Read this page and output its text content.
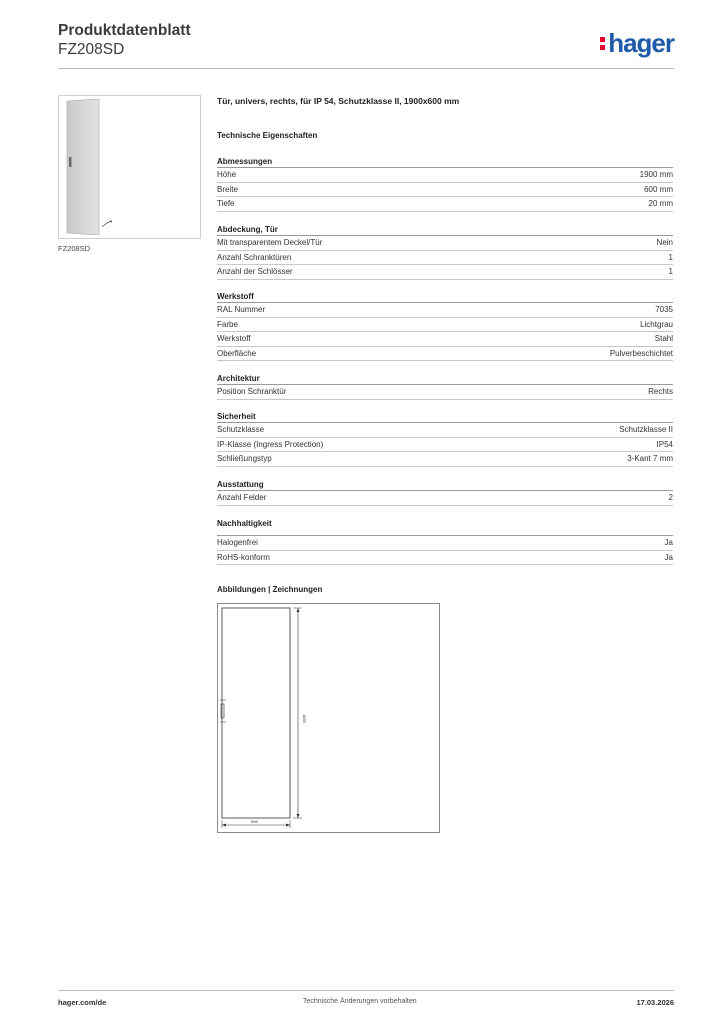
Produktdatenblatt
FZ208SD	hager
FZ208SD
Tür, univers, rechts, für IP 54, Schutzklasse II, 1900x600 mm
Technische Eigenschaften
Abmessungen
Höhe	1900 mm
Breite	600 mm
Tiefe	20 mm
Abdeckung, Tür
Mit transparentem Deckel/Tür	Nein
Anzahl Schranktüren	1
Anzahl der Schlösser	1
Werkstoff
RAL Nummer	7035
Farbe	Lichtgrau
Werkstoff	Stahl
Oberfläche	Pulverbeschichtet
Architektur
Position Schranktür	Rechts
Sicherheit
Schutzklasse	Schutzklasse II
IP-Klasse (Ingress Protection)	IP54
Schließungstyp	3-Kant 7 mm
Ausstattung
Anzahl Felder	2
Nachhaltigkeit
Halogenfrei	Ja
RoHS-konform	Ja
Abbildungen | Zeichnungen
1895
598
hager.com/de	Technische Änderungen vorbehalten	17.03.2026
